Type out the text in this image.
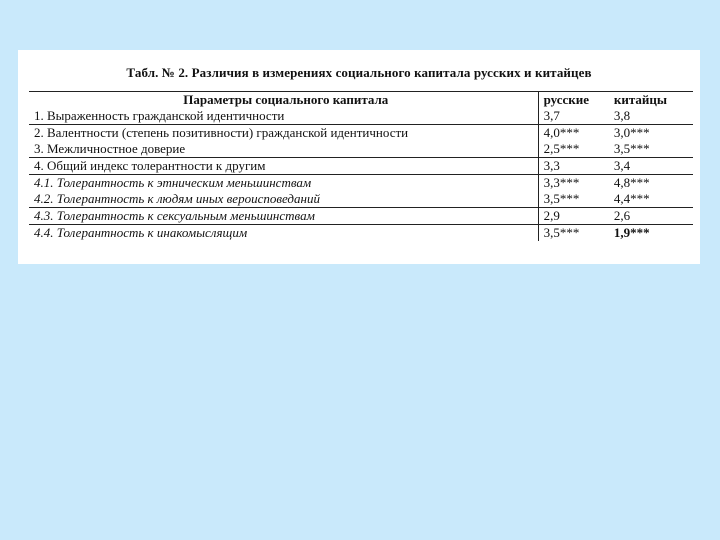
Табл. № 2. Различия в измерениях социального капитала русских и китайцев
Параметры социального капитала	русские	китайцы
1. Выраженность гражданской идентичности	3,7	3,8
2. Валентности (степень позитивности) гражданской идентичности	4,0***	3,0***
3. Межличностное доверие	2,5***	3,5***
4. Общий индекс толерантности к другим	3,3	3,4
4.1. Толерантность к этническим меньшинствам	3,3***	4,8***
4.2. Толерантность к людям иных вероисповеданий	3,5***	4,4***
4.3. Толерантность к сексуальным меньшинствам	2,9	2,6
4.4. Толерантность к инакомыслящим	3,5***	1,9***
